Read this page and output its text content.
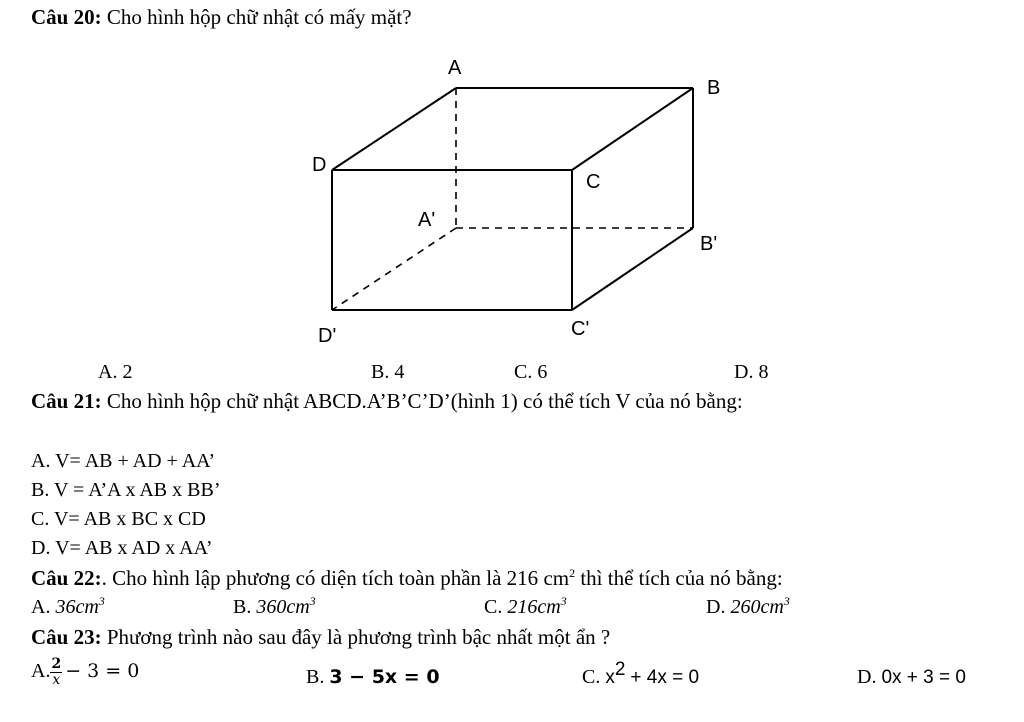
Câu 20: Cho hình hộp chữ nhật có mấy mặt?
A
B
C
D
A'
B'
C'
D'
A. 2	B. 4	C. 6	D. 8
Câu 21: Cho hình hộp chữ nhật ABCD.A’B’C’D’(hình 1) có thể tích V của nó bằng:
A. V= AB + AD + AA’
B. V = A’A x AB x BB’
C. V= AB x BC x CD
D. V= AB x AD x AA’
Câu 22:. Cho hình lập phương có diện tích toàn phần là 216 $cm^2$ thì thể tích của nó bằng:
A. $36cm^3$	B. $360cm^3$	C. $216cm^3$	D. $260cm^3$
Câu 23: Phương trình nào sau đây là phương trình bậc nhất một ẩn ?
A. $\frac{2}{x} - 3 = 0$	B. 3 − 5x = 0	C. $x^2 + 4x = 0$	D. 0x + 3 = 0
